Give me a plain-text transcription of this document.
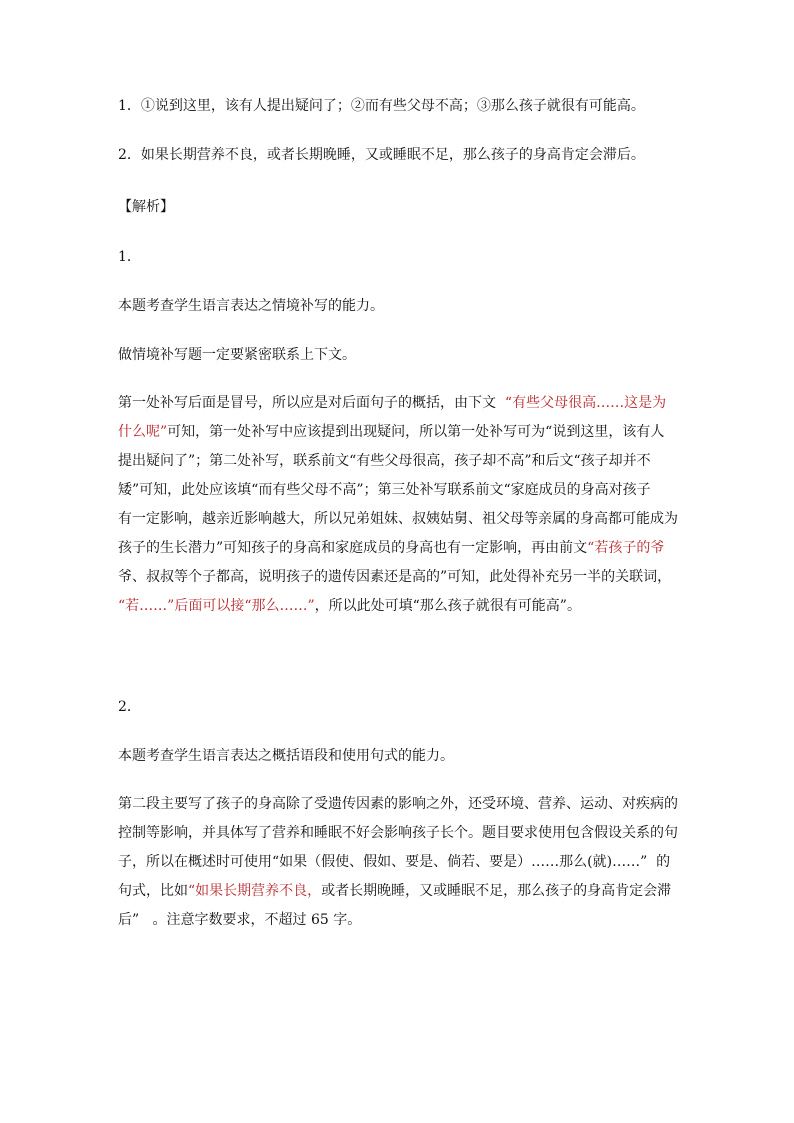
1．①说到这里，该有人提出疑问了；②而有些父母不高；③那么孩子就很有可能高。

2．如果长期营养不良，或者长期晚睡，又或睡眠不足，那么孩子的身高肯定会滞后。

【解析】

1．

本题考查学生语言表达之情境补写的能力。

做情境补写题一定要紧密联系上下文。

第一处补写后面是冒号，所以应是对后面句子的概括，由下文 “有些父母很高……这是为
什么呢”可知，第一处补写中应该提到出现疑问，所以第一处补写可为“说到这里，该有人
提出疑问了”；第二处补写，联系前文“有些父母很高，孩子却不高”和后文“孩子却并不
矮”可知，此处应该填“而有些父母不高”；第三处补写联系前文“家庭成员的身高对孩子
有一定影响，越亲近影响越大，所以兄弟姐妹、叔姨姑舅、祖父母等亲属的身高都可能成为
孩子的生长潜力”可知孩子的身高和家庭成员的身高也有一定影响，再由前文“若孩子的爷
爷、叔叔等个子都高，说明孩子的遗传因素还是高的”可知，此处得补充另一半的关联词，
“若……”后面可以接“那么……”，所以此处可填“那么孩子就很有可能高”。

2．

本题考查学生语言表达之概括语段和使用句式的能力。

第二段主要写了孩子的身高除了受遗传因素的影响之外，还受环境、营养、运动、对疾病的
控制等影响，并具体写了营养和睡眠不好会影响孩子长个。题目要求使用包含假设关系的句
子，所以在概述时可使用“如果（假使、假如、要是、倘若、要是）……那么(就)……” 的
句式，比如“如果长期营养不良，或者长期晚睡，又或睡眠不足，那么孩子的身高肯定会滞
后” 。注意字数要求，不超过 65 字。
